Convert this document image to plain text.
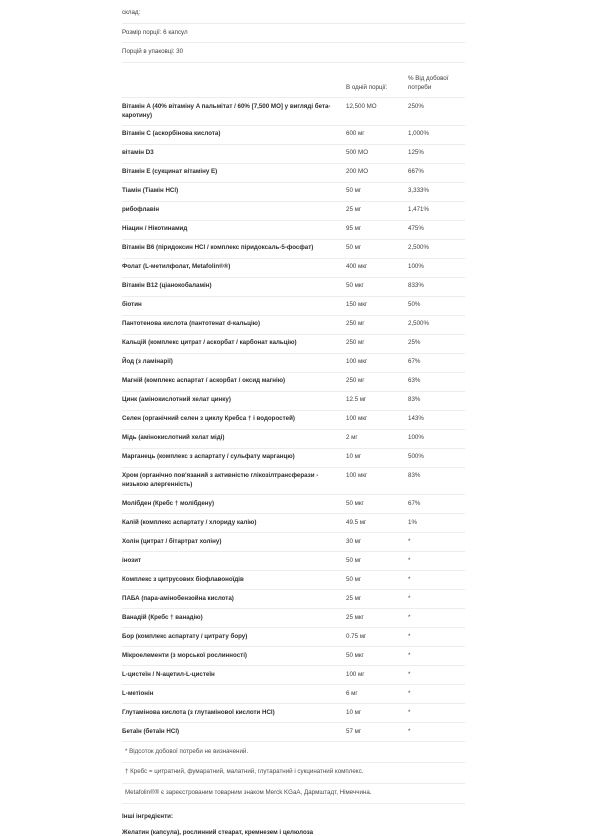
склад:
Розмір порції: 6 капсул
Порцій в упаковці: 30
	В одній порції:	% Від добової потреби
Вітамін A (40% вітаміну A пальмітат / 60% [7,500 МО] у вигляді бета-каротину)	12,500 МО	250%
Вітамін C (аскорбінова кислота)	600 мг	1,000%
вітамін D3	500 МО	125%
Вітамін E (сукцинат вітаміну E)	200 МО	667%
Тіамін (Тіамін HCl)	50 мг	3,333%
рибофлавін	25 мг	1,471%
Ніацин / Нікотинамид	95 мг	475%
Вітамін B6 (піридоксин HCl / комплекс піридоксаль-5-фосфат)	50 мг	2,500%
Фолат (L-метилфолат, Metafolin®®)	400 мкг	100%
Вітамін B12 (ціанокобаламін)	50 мкг	833%
біотин	150 мкг	50%
Пантотенова кислота (пантотенат d-кальцію)	250 мг	2,500%
Кальцій (комплекс цитрат / аскорбат / карбонат кальцію)	250 мг	25%
Йод (з ламінарії)	100 мкг	67%
Магній (комплекс аспартат / аскорбат / оксид магнію)	250 мг	63%
Цинк (амінокислотний хелат цинку)	12.5 мг	83%
Селен (органічний селен з циклу Кребса † і водоростей)	100 мкг	143%
Мідь (амінокислотний хелат міді)	2 мг	100%
Марганець (комплекс з аспартату / сульфату марганцю)	10 мг	500%
Хром (органічно пов'язаний з активністю глікозілтрансферази - низькою алергенність)	100 мкг	83%
Молібден (Кребс † молібдену)	50 мкг	67%
Калій (комплекс аспартату / хлориду калію)	49.5 мг	1%
Холін (цитрат / бітартрат холіну)	30 мг	*
інозит	50 мг	*
Комплекс з цитрусових біофлавоноїдів	50 мг	*
ПАБА (пара-амінобензойна кислота)	25 мг	*
Ванадій (Кребс † ванадію)	25 мкг	*
Бор (комплекс аспартату / цитрату бору)	0.75 мг	*
Мікроелементи (з морської рослинності)	50 мкг	*
L-цистеїн / N-ацетил-L-цистеїн	100 мг	*
L-метіонін	6 мг	*
Глутамінова кислота (з глутамінової кислоти HCl)	10 мг	*
Бетаїн (бетаїн HCl)	57 мг	*
* Відсоток добової потреби не визначений.
† Кребс = цитратний, фумаратний, малатний, глутаратний і сукцинатний комплекс.
Metafolin®® є зареєстрованим товарним знаком Merck KGaA, Дармштадт, Німеччина.
Інші інгредієнти:
Желатин (капсула), рослинний стеарат, кремнезем і целюлоза
